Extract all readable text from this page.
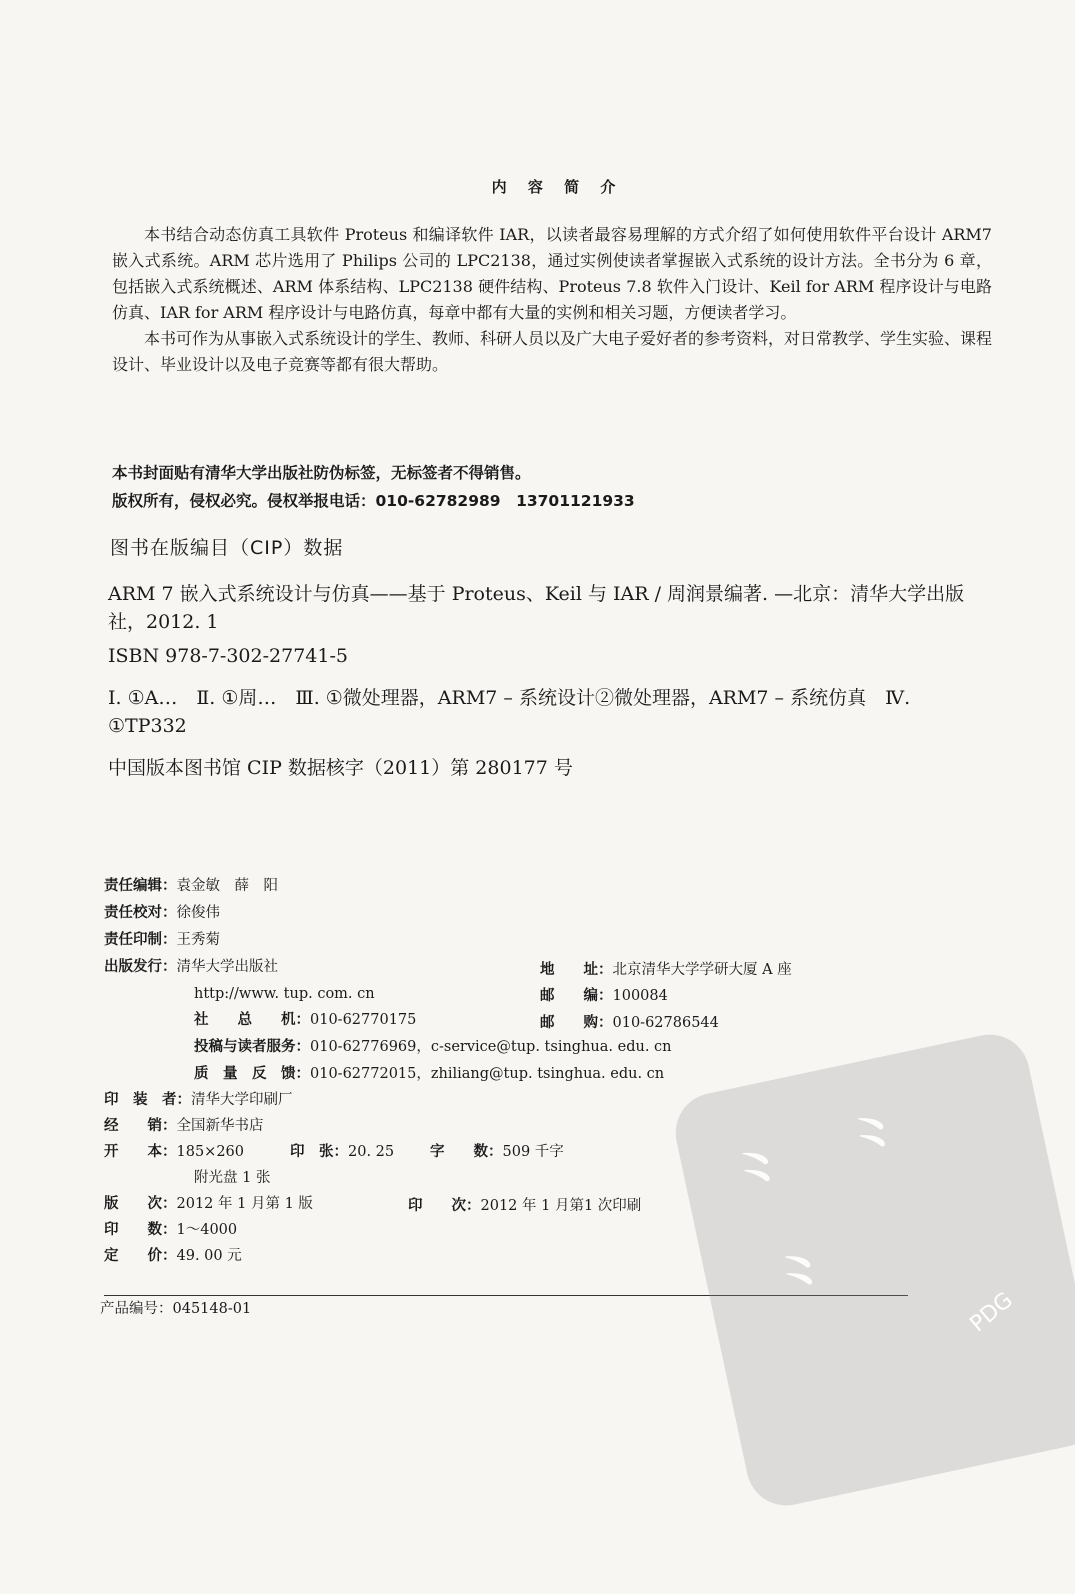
内 容 简 介

本书结合动态仿真工具软件 Proteus 和编译软件 IAR，以读者最容易理解的方式介绍了如何使用软件平台设计 ARM7 嵌入式系统。ARM 芯片选用了 Philips 公司的 LPC2138，通过实例使读者掌握嵌入式系统的设计方法。全书分为 6 章，包括嵌入式系统概述、ARM 体系结构、LPC2138 硬件结构、Proteus 7.8 软件入门设计、Keil for ARM 程序设计与电路仿真、IAR for ARM 程序设计与电路仿真，每章中都有大量的实例和相关习题，方便读者学习。

本书可作为从事嵌入式系统设计的学生、教师、科研人员以及广大电子爱好者的参考资料，对日常教学、学生实验、课程设计、毕业设计以及电子竞赛等都有很大帮助。

本书封面贴有清华大学出版社防伪标签，无标签者不得销售。
版权所有，侵权必究。侵权举报电话：010-62782989　13701121933
图书在版编目（CIP）数据

ARM 7 嵌入式系统设计与仿真——基于 Proteus、Keil 与 IAR / 周润景编著. —北京：清华大学出版社，2012. 1

ISBN 978-7-302-27741-5

Ⅰ. ①A…　Ⅱ. ①周…　Ⅲ. ①微处理器，ARM7 – 系统设计②微处理器，ARM7 – 系统仿真　Ⅳ. ①TP332

中国版本图书馆 CIP 数据核字（2011）第 280177 号

责任编辑：袁金敏　薛　阳
责任校对：徐俊伟
责任印制：王秀菊
出版发行：清华大学出版社	地　　址：北京清华大学学研大厦 A 座
http://www. tup. com. cn	邮　　编：100084
社　　总　　机：010-62770175	邮　　购：010-62786544
投稿与读者服务：010-62776969，c-service@tup. tsinghua. edu. cn
质　量　反　馈：010-62772015，zhiliang@tup. tsinghua. edu. cn
印　装　者：清华大学印刷厂
经　　销：全国新华书店
开　　本：185×260	印　张：20. 25 字　　数：509 千字
附光盘 1 张
版　　次：2012 年 1 月第 1 版	印　　次：2012 年 1 月第1 次印刷
印　　数：1～4000
定　　价：49. 00 元
产品编号：045148-01
⺀ ⺀
⺀	PDG
